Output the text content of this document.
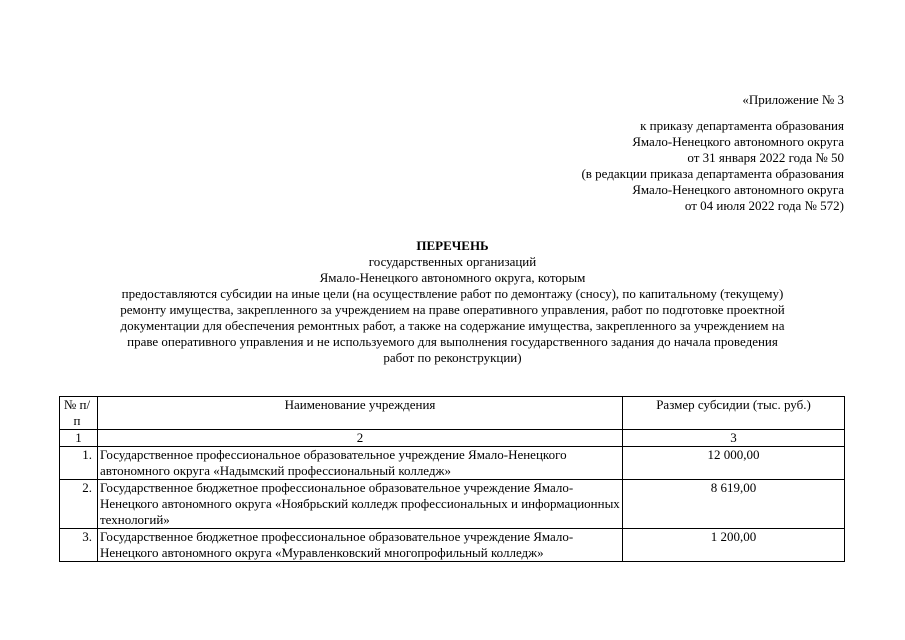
«Приложение № 3
к приказу департамента образования
Ямало-Ненецкого автономного округа
от 31 января 2022 года № 50
(в редакции приказа департамента образования
Ямало-Ненецкого автономного округа
от 04 июля 2022 года № 572)
ПЕРЕЧЕНЬ
государственных организаций
Ямало-Ненецкого автономного округа, которым
предоставляются субсидии на иные цели (на осуществление работ по демонтажу (сносу), по капитальному (текущему)
ремонту имущества, закрепленного за учреждением на праве оперативного управления, работ по подготовке проектной
документации для обеспечения ремонтных работ, а также на содержание имущества, закрепленного за учреждением на
праве оперативного управления и не используемого для выполнения государственного задания до начала проведения
работ по реконструкции)
№ п/п	Наименование учреждения	Размер субсидии (тыс. руб.)
1	2	3
1.	Государственное профессиональное образовательное учреждение Ямало-Ненецкого автономного округа «Надымский профессиональный колледж»	12 000,00
2.	Государственное бюджетное профессиональное образовательное учреждение Ямало-Ненецкого автономного округа «Ноябрьский колледж профессиональных и информационных технологий»	8 619,00
3.	Государственное бюджетное профессиональное образовательное учреждение Ямало-Ненецкого автономного округа «Муравленковский многопрофильный колледж»	1 200,00
